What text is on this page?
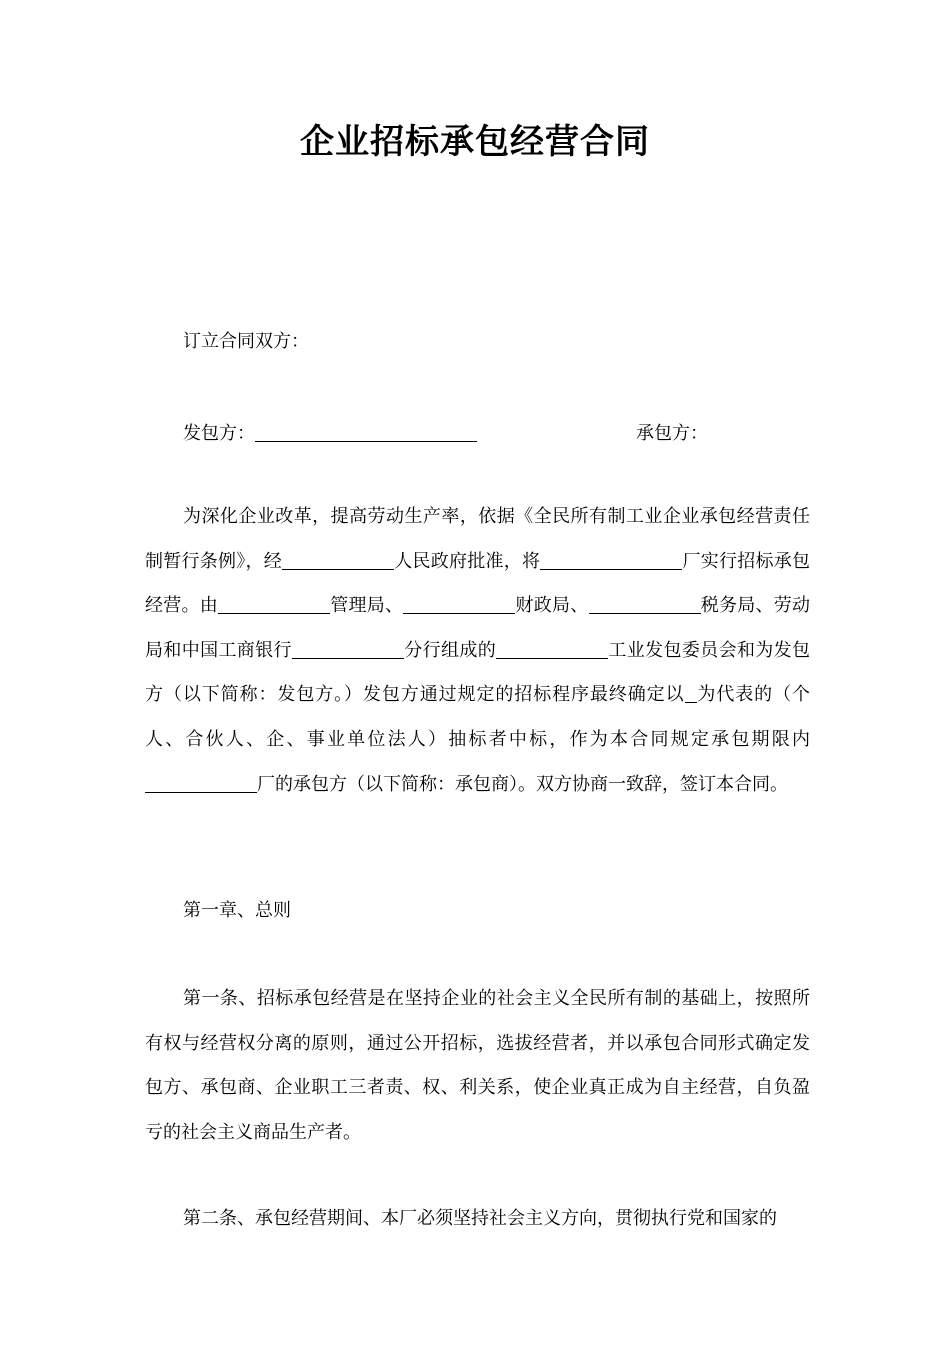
企业招标承包经营合同

订立合同双方：

发包方：	承包方：

为深化企业改革，提高劳动生产率，依据《全民所有制工业企业承包经营责任制暂行条例》，经	人民政府批准，将	厂实行招标承包经营。由	管理局、	财政局、	税务局、劳动局和中国工商银行	分行组成的	工业发包委员会和为发包方（以下简称：发包方。）发包方通过规定的招标程序最终确定以 为代表的（个人、合伙人、企、事业单位法人）抽标者中标，作为本合同规定承包期限内厂的承包方（以下简称：承包商）。双方协商一致辞，签订本合同。

第一章、总则

第一条、招标承包经营是在坚持企业的社会主义全民所有制的基础上，按照所有权与经营权分离的原则，通过公开招标，选拔经营者，并以承包合同形式确定发包方、承包商、企业职工三者责、权、利关系，使企业真正成为自主经营，自负盈亏的社会主义商品生产者。

第二条、承包经营期间、本厂必须坚持社会主义方向，贯彻执行党和国家的
